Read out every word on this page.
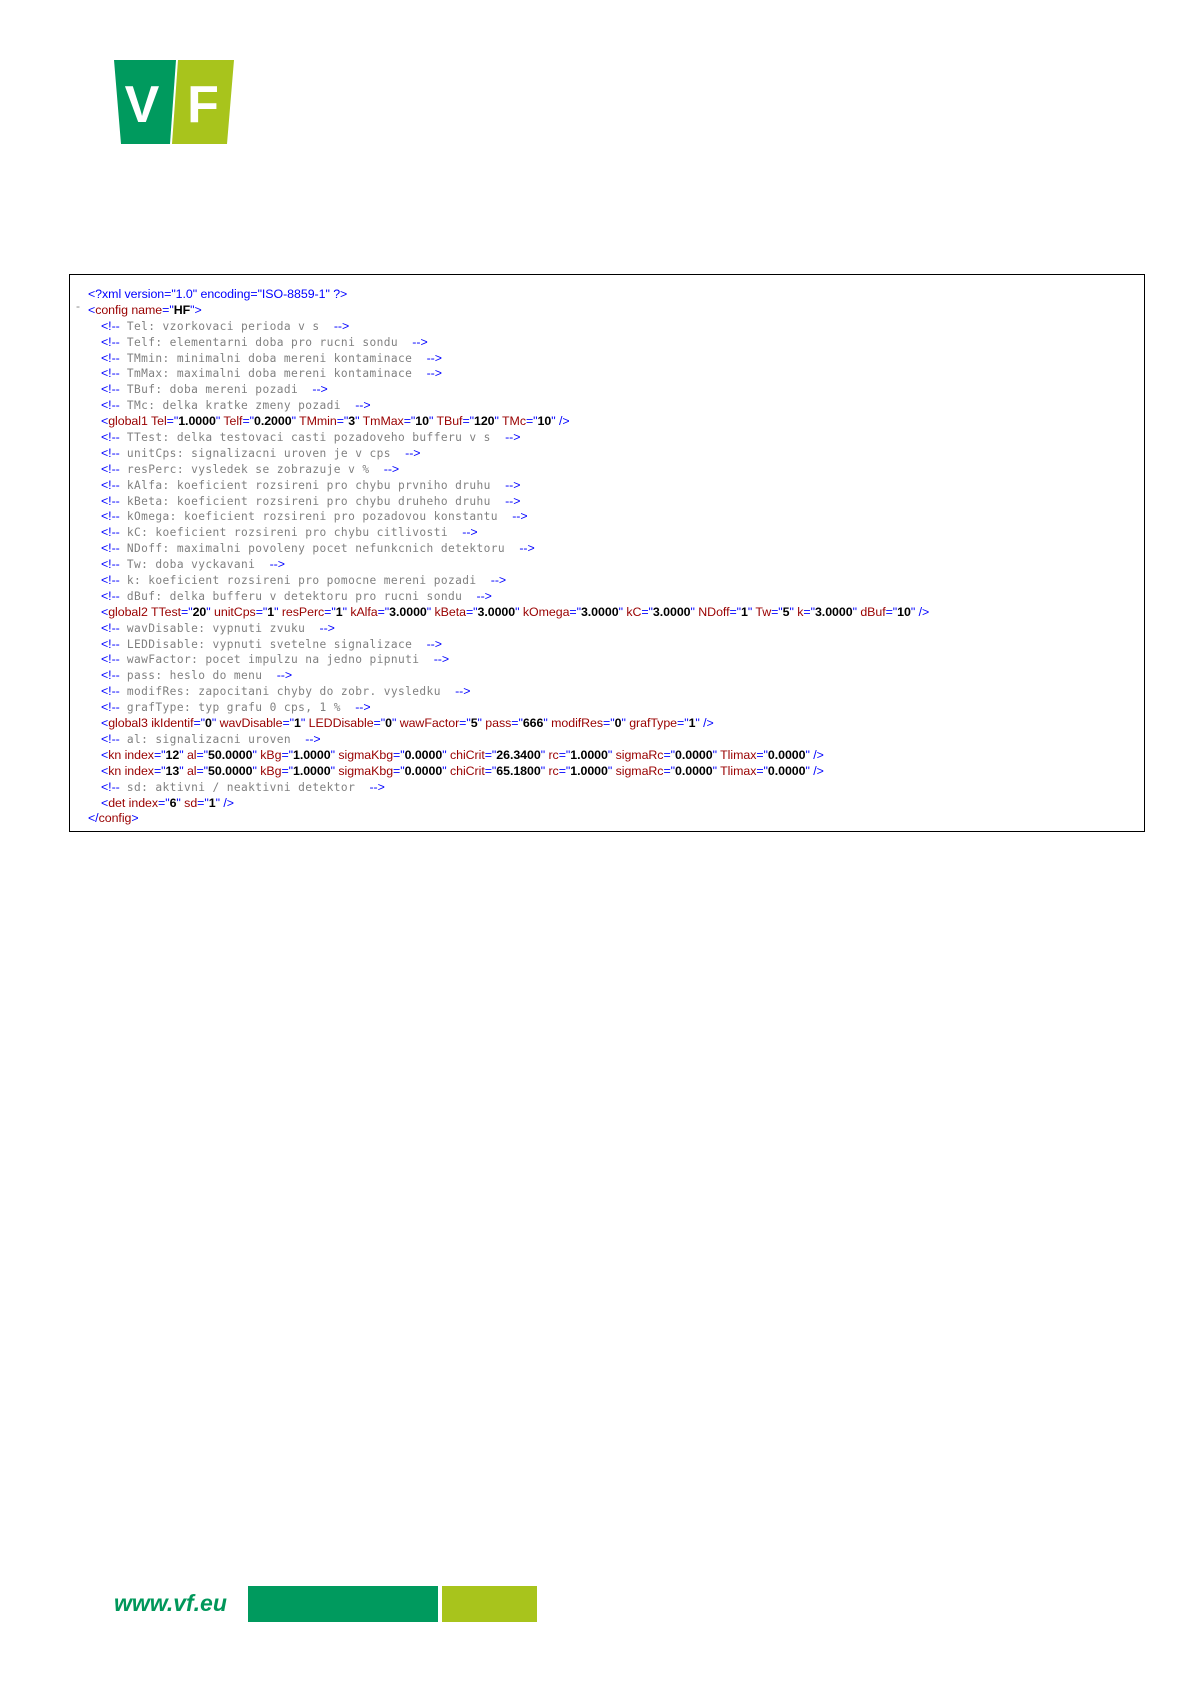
V F
-
<?xml version="1.0" encoding="ISO-8859-1" ?>
<config name="HF">
<!-- Tel: vzorkovaci perioda v s  -->
<!-- Telf: elementarni doba pro rucni sondu  -->
<!-- TMmin: minimalni doba mereni kontaminace  -->
<!-- TmMax: maximalni doba mereni kontaminace  -->
<!-- TBuf: doba mereni pozadi  -->
<!-- TMc: delka kratke zmeny pozadi  -->
<global1 Tel="1.0000" Telf="0.2000" TMmin="3" TmMax="10" TBuf="120" TMc="10" />
<!-- TTest: delka testovaci casti pozadoveho bufferu v s  -->
<!-- unitCps: signalizacni uroven je v cps  -->
<!-- resPerc: vysledek se zobrazuje v %  -->
<!-- kAlfa: koeficient rozsireni pro chybu prvniho druhu  -->
<!-- kBeta: koeficient rozsireni pro chybu druheho druhu  -->
<!-- kOmega: koeficient rozsireni pro pozadovou konstantu  -->
<!-- kC: koeficient rozsireni pro chybu citlivosti  -->
<!-- NDoff: maximalni povoleny pocet nefunkcnich detektoru  -->
<!-- Tw: doba vyckavani  -->
<!-- k: koeficient rozsireni pro pomocne mereni pozadi  -->
<!-- dBuf: delka bufferu v detektoru pro rucni sondu  -->
<global2 TTest="20" unitCps="1" resPerc="1" kAlfa="3.0000" kBeta="3.0000" kOmega="3.0000" kC="3.0000" NDoff="1" Tw="5" k="3.0000" dBuf="10" />
<!-- wavDisable: vypnuti zvuku  -->
<!-- LEDDisable: vypnuti svetelne signalizace  -->
<!-- wawFactor: pocet impulzu na jedno pipnuti  -->
<!-- pass: heslo do menu  -->
<!-- modifRes: zapocitani chyby do zobr. vysledku  -->
<!-- grafType: typ grafu 0 cps, 1 %  -->
<global3 ikIdentif="0" wavDisable="1" LEDDisable="0" wawFactor="5" pass="666" modifRes="0" grafType="1" />
<!-- al: signalizacni uroven  -->
<kn index="12" al="50.0000" kBg="1.0000" sigmaKbg="0.0000" chiCrit="26.3400" rc="1.0000" sigmaRc="0.0000" Tlimax="0.0000" />
<kn index="13" al="50.0000" kBg="1.0000" sigmaKbg="0.0000" chiCrit="65.1800" rc="1.0000" sigmaRc="0.0000" Tlimax="0.0000" />
<!-- sd: aktivni / neaktivni detektor  -->
<det index="6" sd="1" />
</config>
www.vf.eu
